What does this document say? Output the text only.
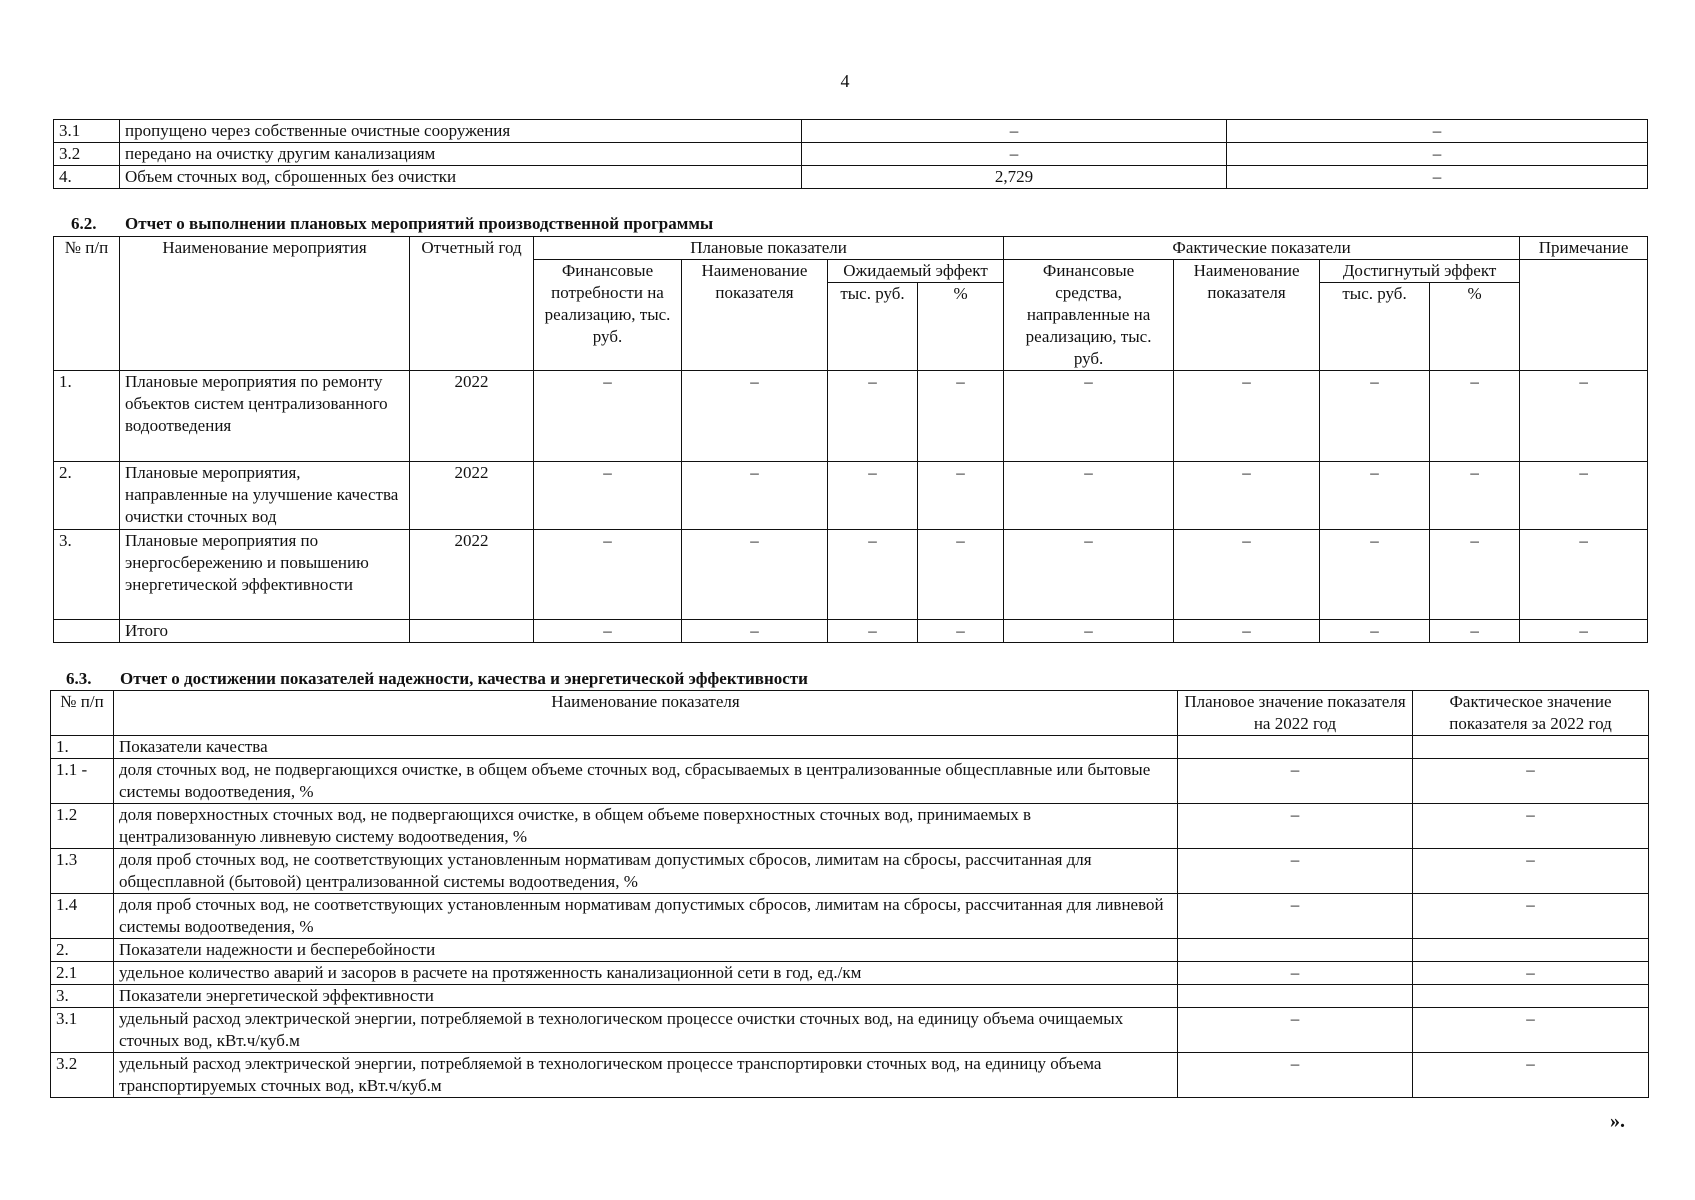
4
3.1	пропущено через собственные очистные сооружения	–	–
3.2	передано на очистку другим канализациям	–	–
4.	Объем сточных вод, сброшенных без очистки	2,729	–
6.2. Отчет о выполнении плановых мероприятий производственной программы
№ п/п	Наименование мероприятия	Отчетный год	Плановые показатели				Фактические показатели				Примечание
			Финансовые потребности на реализацию, тыс. руб.	Наименование показателя	Ожидаемый эффект		Финансовые средства, направленные на реализацию, тыс. руб.	Наименование показателя	Достигнутый эффект		
					тыс. руб.	%			тыс. руб.	%	
1.	Плановые мероприятия по ремонту объектов систем централизованного водоотведения	2022	–	–	–	–	–	–	–	–	–
2.	Плановые мероприятия, направленные на улучшение качества очистки сточных вод	2022	–	–	–	–	–	–	–	–	–
3.	Плановые мероприятия по энергосбережению и повышению энергетической эффективности	2022	–	–	–	–	–	–	–	–	–
	Итого		–	–	–	–	–	–	–	–	–
6.3. Отчет о достижении показателей надежности, качества и энергетической эффективности
№ п/п	Наименование показателя	Плановое значение показателя на 2022 год	Фактическое значение показателя за 2022 год
1.	Показатели качества		
1.1 -	доля сточных вод, не подвергающихся очистке, в общем объеме сточных вод, сбрасываемых в централизованные общесплавные или бытовые системы водоотведения, %	–	–
1.2	доля поверхностных сточных вод, не подвергающихся очистке, в общем объеме поверхностных сточных вод, принимаемых в централизованную ливневую систему водоотведения, %	–	–
1.3	доля проб сточных вод, не соответствующих установленным нормативам допустимых сбросов, лимитам на сбросы, рассчитанная для общесплавной (бытовой) централизованной системы водоотведения, %	–	–
1.4	доля проб сточных вод, не соответствующих установленным нормативам допустимых сбросов, лимитам на сбросы, рассчитанная для ливневой системы водоотведения, %	–	–
2.	Показатели надежности и бесперебойности		
2.1	удельное количество аварий и засоров в расчете на протяженность канализационной сети в год, ед./км	–	–
3.	Показатели энергетической эффективности		
3.1	удельный расход электрической энергии, потребляемой в технологическом процессе очистки сточных вод, на единицу объема очищаемых сточных вод, кВт.ч/куб.м	–	–
3.2	удельный расход электрической энергии, потребляемой в технологическом процессе транспортировки сточных вод, на единицу объема транспортируемых сточных вод, кВт.ч/куб.м	–	–
».
